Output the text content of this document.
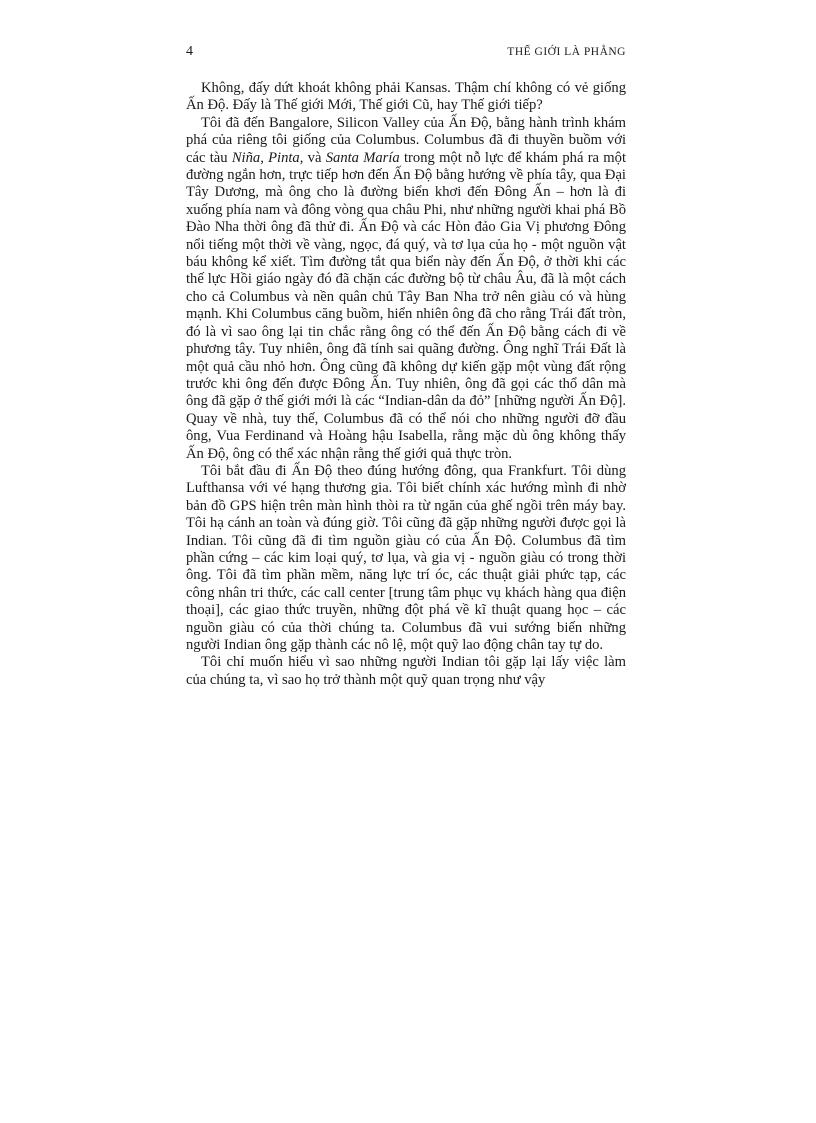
4	THẾ GIỚI LÀ PHẲNG

Không, đấy dứt khoát không phải Kansas. Thậm chí không có vẻ giống Ấn Độ. Đấy là Thế giới Mới, Thế giới Cũ, hay Thế giới tiếp?

Tôi đã đến Bangalore, Silicon Valley của Ấn Độ, bằng hành trình khám phá của riêng tôi giống của Columbus. Columbus đã đi thuyền buồm với các tàu Niña, Pinta, và Santa María trong một nỗ lực để khám phá ra một đường ngắn hơn, trực tiếp hơn đến Ấn Độ bằng hướng về phía tây, qua Đại Tây Dương, mà ông cho là đường biển khơi đến Đông Ấn – hơn là đi xuống phía nam và đông vòng qua châu Phi, như những người khai phá Bồ Đào Nha thời ông đã thử đi. Ấn Độ và các Hòn đảo Gia Vị phương Đông nổi tiếng một thời về vàng, ngọc, đá quý, và tơ lụa của họ - một nguồn vật báu không kể xiết. Tìm đường tắt qua biển này đến Ấn Độ, ở thời khi các thế lực Hồi giáo ngày đó đã chặn các đường bộ từ châu Âu, đã là một cách cho cả Columbus và nền quân chủ Tây Ban Nha trở nên giàu có và hùng mạnh. Khi Columbus căng buồm, hiển nhiên ông đã cho rằng Trái đất tròn, đó là vì sao ông lại tin chắc rằng ông có thể đến Ấn Độ bằng cách đi về phương tây. Tuy nhiên, ông đã tính sai quãng đường. Ông nghĩ Trái Đất là một quả cầu nhỏ hơn. Ông cũng đã không dự kiến gặp một vùng đất rộng trước khi ông đến được Đông Ấn. Tuy nhiên, ông đã gọi các thổ dân mà ông đã gặp ở thế giới mới là các “Indian-dân da đỏ” [những người Ấn Độ]. Quay về nhà, tuy thế, Columbus đã có thể nói cho những người đỡ đầu ông, Vua Ferdinand và Hoàng hậu Isabella, rằng mặc dù ông không thấy Ấn Độ, ông có thể xác nhận rằng thế giới quả thực tròn.

Tôi bắt đầu đi Ấn Độ theo đúng hướng đông, qua Frankfurt. Tôi dùng Lufthansa với vé hạng thương gia. Tôi biết chính xác hướng mình đi nhờ bản đồ GPS hiện trên màn hình thòi ra từ ngăn của ghế ngồi trên máy bay. Tôi hạ cánh an toàn và đúng giờ. Tôi cũng đã gặp những người được gọi là Indian. Tôi cũng đã đi tìm nguồn giàu có của Ấn Độ. Columbus đã tìm phần cứng – các kim loại quý, tơ lụa, và gia vị - nguồn giàu có trong thời ông. Tôi đã tìm phần mềm, năng lực trí óc, các thuật giải phức tạp, các công nhân tri thức, các call center [trung tâm phục vụ khách hàng qua điện thoại], các giao thức truyền, những đột phá về kĩ thuật quang học – các nguồn giàu có của thời chúng ta. Columbus đã vui sướng biến những người Indian ông gặp thành các nô lệ, một quỹ lao động chân tay tự do.

Tôi chỉ muốn hiểu vì sao những người Indian tôi gặp lại lấy việc làm của chúng ta, vì sao họ trở thành một quỹ quan trọng như vậy
